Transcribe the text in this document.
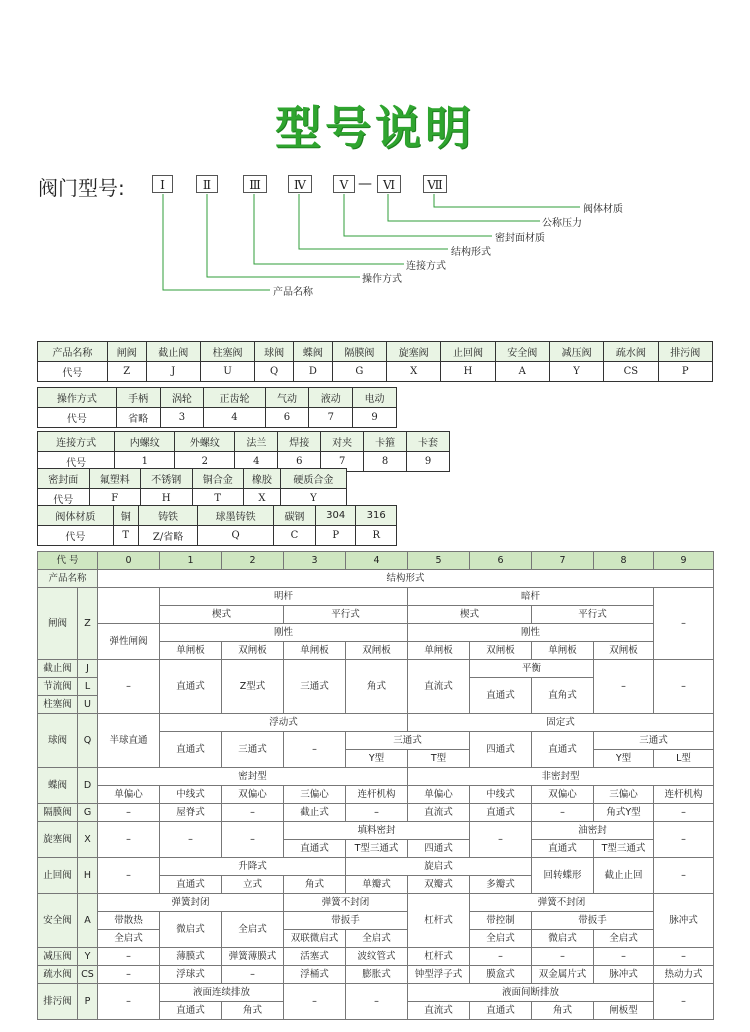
型号说明
阀门型号:	Ⅰ	Ⅱ	Ⅲ	Ⅳ	Ⅴ — Ⅵ	Ⅶ
阀体材质
公称压力
密封面材质
结构形式
连接方式
操作方式
产品名称
产品名称	闸阀	截止阀	柱塞阀	球阀	蝶阀	隔膜阀	旋塞阀	止回阀	安全阀	减压阀	疏水阀	排污阀
代号	Z	J	U	Q	D	G	X	H	A	Y	CS	P
操作方式	手柄	涡轮	正齿轮	气动	液动	电动
代号	省略	3	4	6	7	9
连接方式	内螺纹	外螺纹	法兰	焊接	对夹	卡箍	卡套
代号	1	2	4	6	7	8	9
密封面	氟塑料	不锈钢	铜合金	橡胶	硬质合金
代号	F	H	T	X	Y
阀体材质	铜	铸铁	球墨铸铁	碳钢	304	316
代号	T	Z/省略	Q	C	P	R
代 号		0	1	2	3	4	5	6	7	8	9
产品名称		结构形式									
闸阀	Z		明杆				暗杆				–
			楔式		平行式		楔式		平行式		
		弹性闸阀	刚性				刚性				
			单闸板	双闸板	单闸板	双闸板	单闸板	双闸板	单闸板	双闸板	
截止阀	J	–	直通式	Z型式	三通式	角式	直流式	平衡		–	–
节流阀	L							直通式	直角式		
柱塞阀	U										
球阀	Q	半球直通	浮动式				固定式				
			直通式	三通式	–	三通式		四通式	直通式	三通式	
						Y型	T型			Y型	L型
蝶阀	D	密封型					非密封型				
		单偏心	中线式	双偏心	三偏心	连杆机构	单偏心	中线式	双偏心	三偏心	连杆机构
隔膜阀	G	–	屋脊式	–	截止式	–	直流式	直通式	–	角式Y型	–
旋塞阀	X	–	–	–	填料密封			–	油密封		–
					直通式	T型三通式	四通式		直通式	T型三通式	
止回阀	H	–	升降式			旋启式			回转蝶形	截止止回	–
			直通式	立式	角式	单瓣式	双瓣式	多瓣式			
安全阀	A	弹簧封闭			弹簧不封闭		杠杆式	弹簧不封闭			脉冲式
		带散热	微启式	全启式	带扳手			带控制	带扳手		
		全启式			双联微启式	全启式		全启式	微启式	全启式	
减压阀	Y	–	薄膜式	弹簧薄膜式	活塞式	波纹管式	杠杆式	–	–	–	–
疏水阀	CS	–	浮球式	–	浮桶式	膨胀式	钟型浮子式	膜盒式	双金属片式	脉冲式	热动力式
排污阀	P	–	液面连续排放		–	–	液面间断排放				–
			直通式	角式			直流式	直通式	角式	闸板型	
